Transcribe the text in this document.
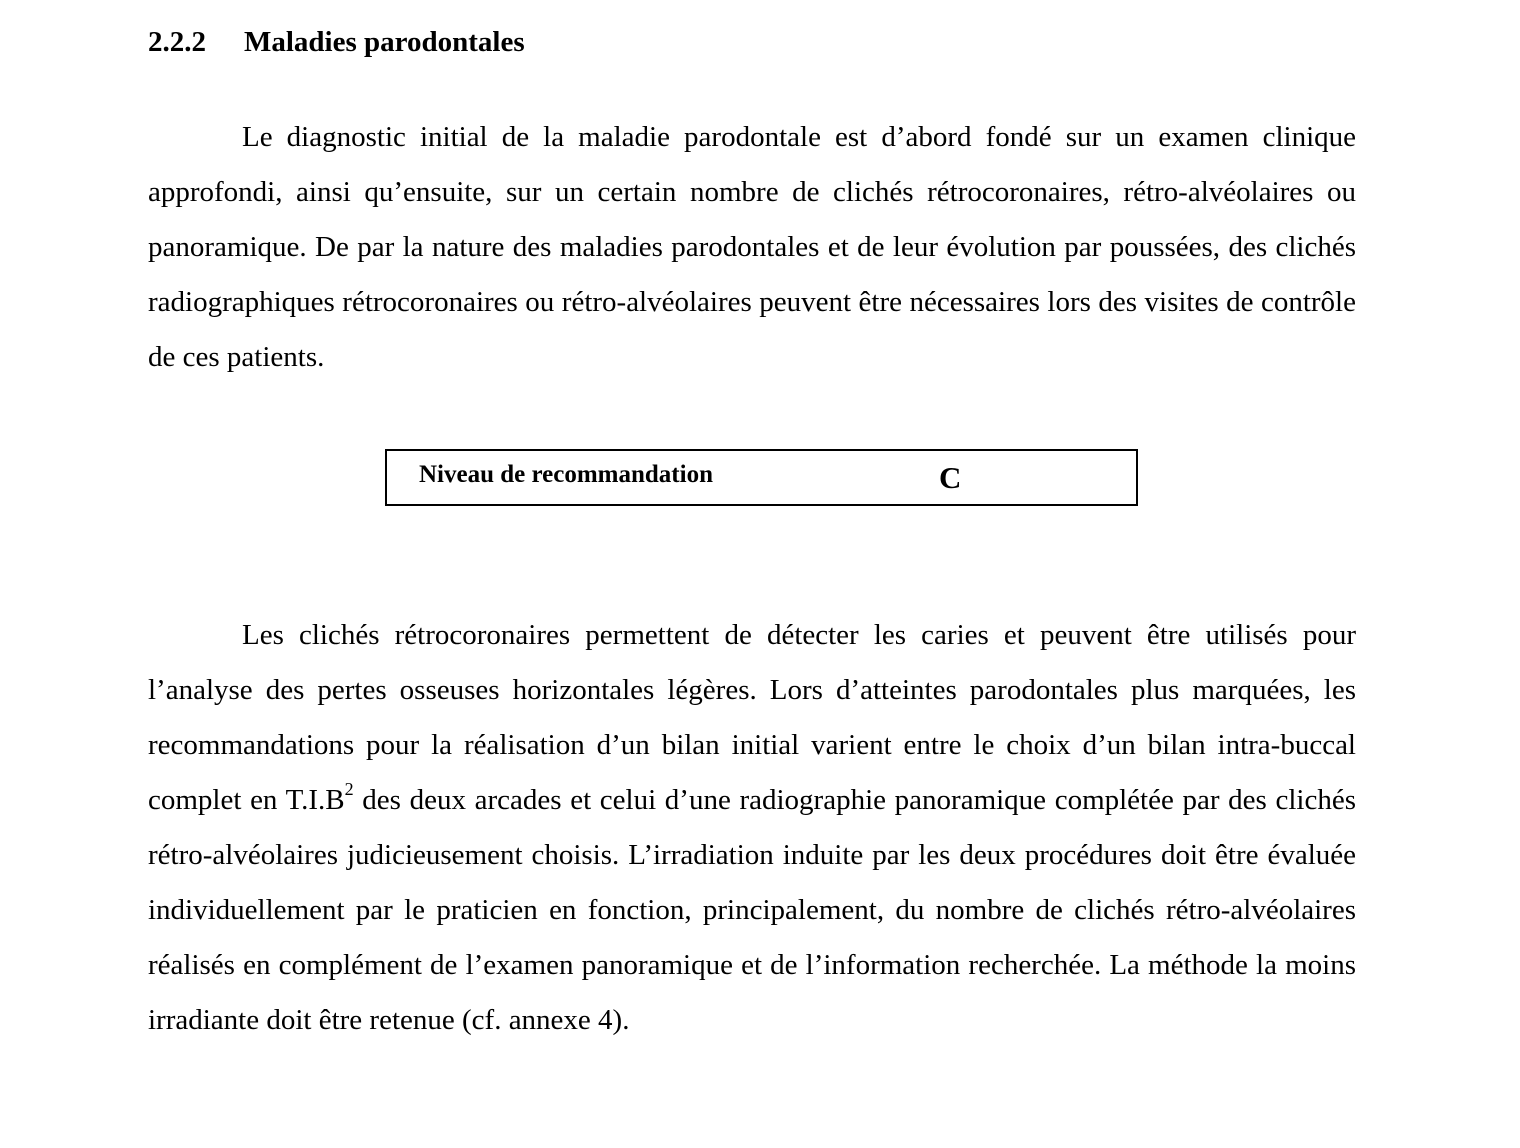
2.2.2 Maladies parodontales

Le diagnostic initial de la maladie parodontale est d’abord fondé sur un examen clinique approfondi, ainsi qu’ensuite, sur un certain nombre de clichés rétrocoronaires, rétro-alvéolaires ou panoramique. De par la nature des maladies parodontales et de leur évolution par poussées, des clichés radiographiques rétrocoronaires ou rétro-alvéolaires peuvent être nécessaires lors des visites de contrôle de ces patients.

Les clichés rétrocoronaires permettent de détecter les caries et peuvent être utilisés pour l’analyse des pertes osseuses horizontales légères. Lors d’atteintes parodontales plus marquées, les recommandations pour la réalisation d’un bilan initial varient entre le choix d’un bilan intra-buccal complet en $T.I.B^2$ des deux arcades et celui d’une radiographie panoramique complétée par des clichés rétro-alvéolaires judicieusement choisis. L’irradiation induite par les deux procédures doit être évaluée individuellement par le praticien en fonction, principalement, du nombre de clichés rétro-alvéolaires réalisés en complément de l’examen panoramique et de l’information recherchée. La méthode la moins irradiante doit être retenue (cf. annexe 4).

Niveau de recommandation	C
